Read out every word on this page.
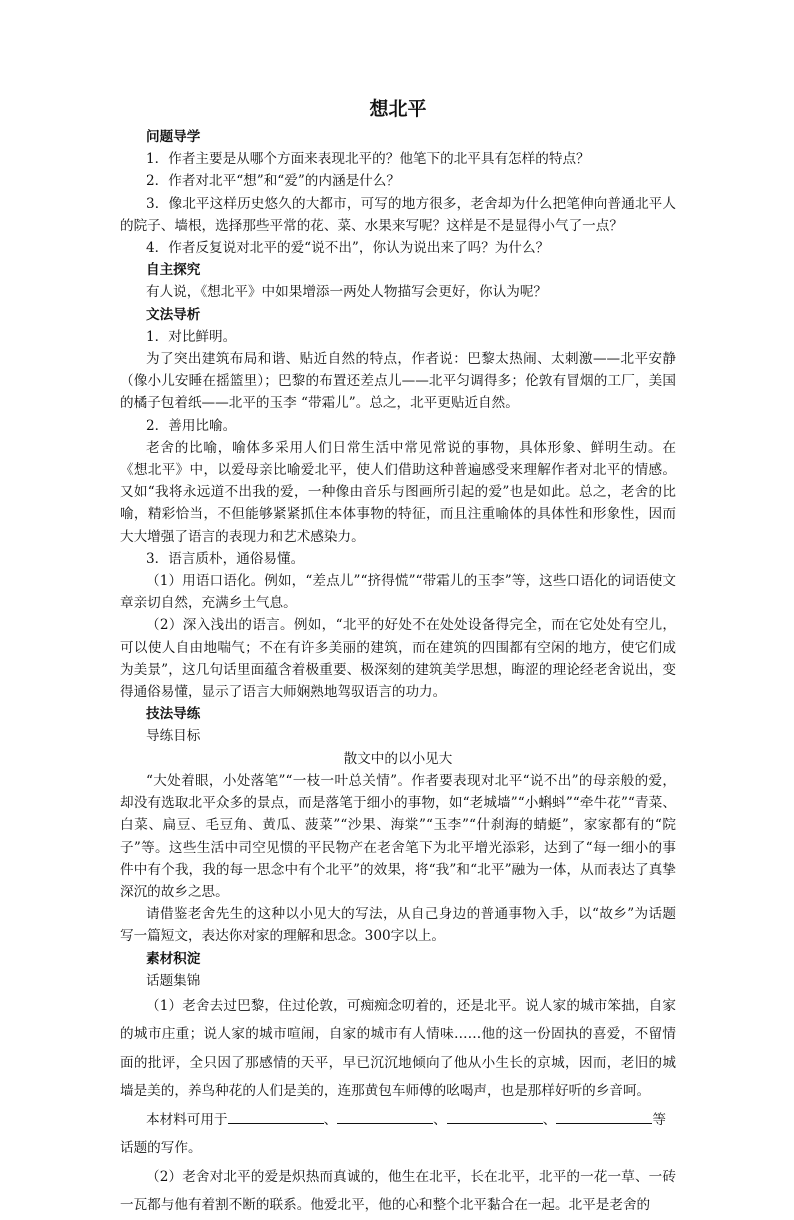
想北平
问题导学

1．作者主要是从哪个方面来表现北平的？他笔下的北平具有怎样的特点？

2．作者对北平“想”和“爱”的内涵是什么？

3．像北平这样历史悠久的大都市，可写的地方很多，老舍却为什么把笔伸向普通北平人的院子、墙根，选择那些平常的花、菜、水果来写呢？这样是不是显得小气了一点？

4．作者反复说对北平的爱“说不出”，你认为说出来了吗？为什么？

自主探究

有人说，《想北平》中如果增添一两处人物描写会更好，你认为呢？

文法导析

1．对比鲜明。

为了突出建筑布局和谐、贴近自然的特点，作者说：巴黎太热闹、太刺激——北平安静（像小儿安睡在摇篮里）；巴黎的布置还差点儿——北平匀调得多；伦敦有冒烟的工厂，美国的橘子包着纸——北平的玉李 “带霜儿”。总之，北平更贴近自然。

2．善用比喻。

老舍的比喻，喻体多采用人们日常生活中常见常说的事物，具体形象、鲜明生动。在《想北平》中，以爱母亲比喻爱北平，使人们借助这种普遍感受来理解作者对北平的情感。又如“我将永远道不出我的爱，一种像由音乐与图画所引起的爱”也是如此。总之，老舍的比喻，精彩恰当，不但能够紧紧抓住本体事物的特征，而且注重喻体的具体性和形象性，因而大大增强了语言的表现力和艺术感染力。

3．语言质朴，通俗易懂。

（1）用语口语化。例如，“差点儿”“挤得慌”“带霜儿的玉李”等，这些口语化的词语使文章亲切自然，充满乡土气息。

（2）深入浅出的语言。例如，“北平的好处不在处处设备得完全，而在它处处有空儿，可以使人自由地喘气；不在有许多美丽的建筑，而在建筑的四围都有空闲的地方，使它们成为美景”，这几句话里面蕴含着极重要、极深刻的建筑美学思想，晦涩的理论经老舍说出，变得通俗易懂，显示了语言大师娴熟地驾驭语言的功力。

技法导练
导练目标

散文中的以小见大

“大处着眼，小处落笔”“一枝一叶总关情”。作者要表现对北平“说不出”的母亲般的爱，却没有选取北平众多的景点，而是落笔于细小的事物，如“老城墙”“小蝌蚪”“牵牛花”“青菜、白菜、扁豆、毛豆角、黄瓜、菠菜”“沙果、海棠”“玉李”“什刹海的蜻蜓”，家家都有的“院子”等。这些生活中司空见惯的平民物产在老舍笔下为北平增光添彩，达到了“每一细小的事件中有个我，我的每一思念中有个北平”的效果，将“我”和“北平”融为一体，从而表达了真挚深沉的故乡之思。

请借鉴老舍先生的这种以小见大的写法，从自己身边的普通事物入手，以“故乡”为话题写一篇短文，表达你对家的理解和思念。300字以上。

素材积淀
话题集锦

（1）老舍去过巴黎，住过伦敦，可痴痴念叨着的，还是北平。说人家的城市笨拙，自家的城市庄重；说人家的城市喧闹，自家的城市有人情味……他的这一份固执的喜爱，不留情面的批评，全只因了那感情的天平，早已沉沉地倾向了他从小生长的京城，因而，老旧的城墙是美的，养鸟种花的人们是美的，连那黄包车师傅的吆喝声，也是那样好听的乡音呵。

本材料可用于	、	、	、	等
话题的写作。

（2）老舍对北平的爱是炽热而真诚的，他生在北平，长在北平，北平的一花一草、一砖一瓦都与他有着割不断的联系。他爱北平，他的心和整个北平黏合在一起。北平是老舍的
